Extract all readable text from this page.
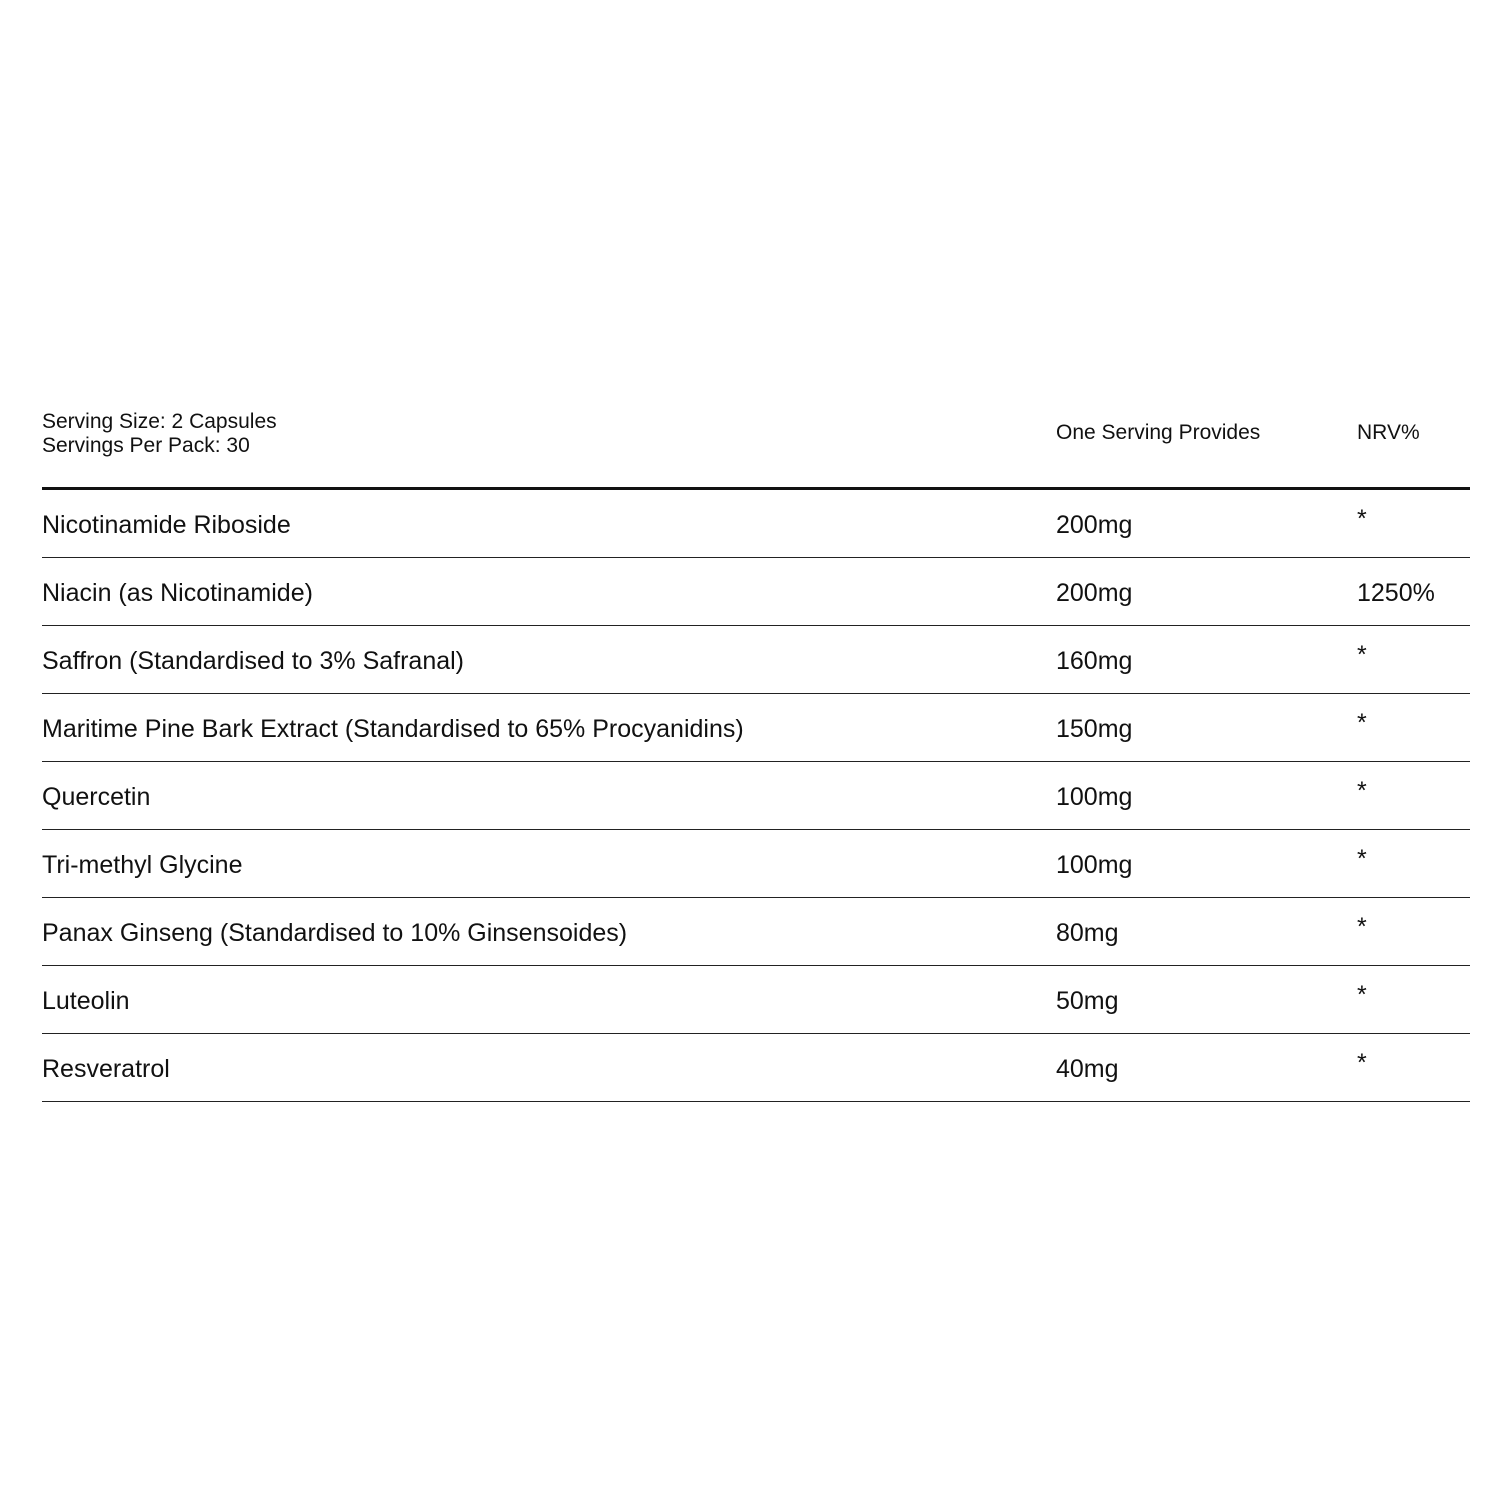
Serving Size: 2 Capsules
Servings Per Pack: 30
One Serving Provides	NRV%
Nicotinamide Riboside	200mg	*
Niacin (as Nicotinamide)	200mg	1250%
Saffron (Standardised to 3% Safranal)	160mg	*
Maritime Pine Bark Extract (Standardised to 65% Procyanidins)	150mg	*
Quercetin	100mg	*
Tri-methyl Glycine	100mg	*
Panax Ginseng (Standardised to 10% Ginsensoides)	80mg	*
Luteolin	50mg	*
Resveratrol	40mg	*
